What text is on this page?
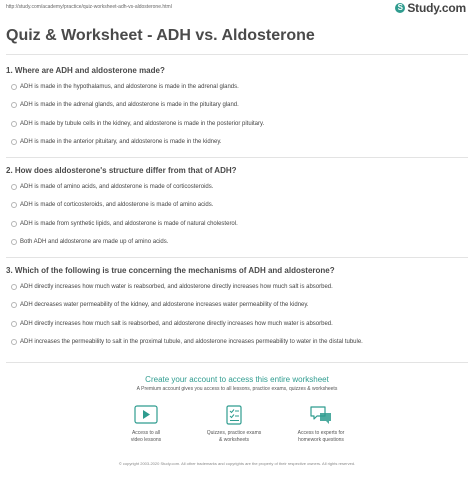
http://study.com/academy/practice/quiz-worksheet-adh-vs-aldosterone.html	S Study.com
Quiz & Worksheet - ADH vs. Aldosterone
1. Where are ADH and aldosterone made?
ADH is made in the hypothalamus, and aldosterone is made in the adrenal glands.
ADH is made in the adrenal glands, and aldosterone is made in the pituitary gland.
ADH is made by tubule cells in the kidney, and aldosterone is made in the posterior pituitary.
ADH is made in the anterior pituitary, and aldosterone is made in the kidney.
2. How does aldosterone's structure differ from that of ADH?
ADH is made of amino acids, and aldosterone is made of corticosteroids.
ADH is made of corticosteroids, and aldosterone is made of amino acids.
ADH is made from synthetic lipids, and aldosterone is made of natural cholesterol.
Both ADH and aldosterone are made up of amino acids.
3. Which of the following is true concerning the mechanisms of ADH and aldosterone?
ADH directly increases how much water is reabsorbed, and aldosterone directly increases how much salt is absorbed.
ADH decreases water permeability of the kidney, and aldosterone increases water permeability of the kidney.
ADH directly increases how much salt is reabsorbed, and aldosterone directly increases how much water is absorbed.
ADH increases the permeability to salt in the proximal tubule, and aldosterone increases permeability to water in the distal tubule.
Create your account to access this entire worksheet
A Premium account gives you access to all lessons, practice exams, quizzes & worksheets
Access to all
video lessons
Quizzes, practice exams
& worksheets
Access to experts for
homework questions
© copyright 2003-2020 Study.com. All other trademarks and copyrights are the property of their respective owners. All rights reserved.
